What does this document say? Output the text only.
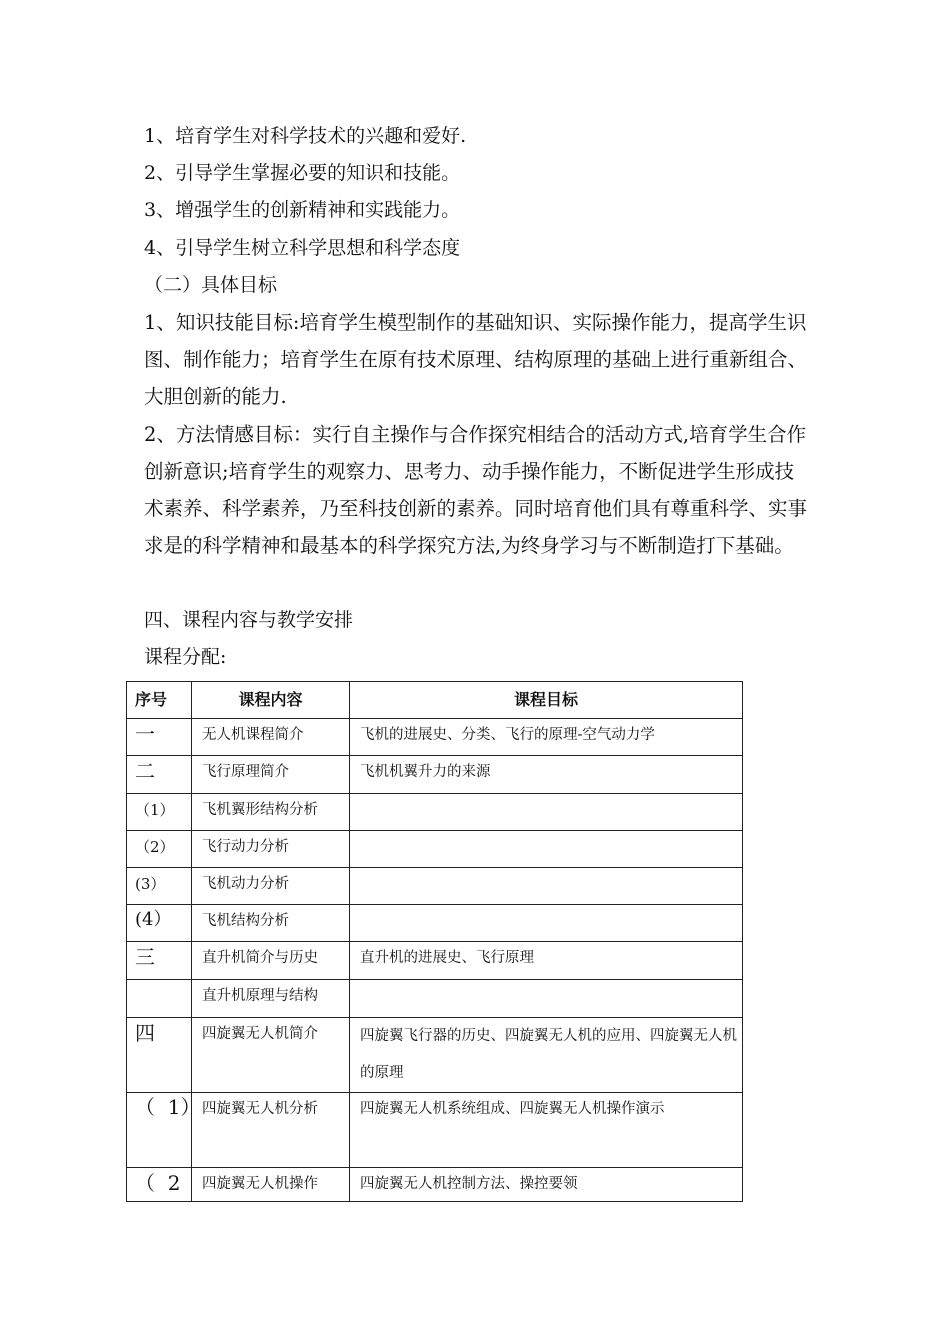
1、培育学生对科学技术的兴趣和爱好.
2、引导学生掌握必要的知识和技能。
3、增强学生的创新精神和实践能力。
4、引导学生树立科学思想和科学态度
（二）具体目标
1、知识技能目标:培育学生模型制作的基础知识、实际操作能力，提高学生识图、制作能力；培育学生在原有技术原理、结构原理的基础上进行重新组合、大胆创新的能力.
2、方法情感目标：实行自主操作与合作探究相结合的活动方式,培育学生合作创新意识;培育学生的观察力、思考力、动手操作能力，不断促进学生形成技术素养、科学素养，乃至科技创新的素养。同时培育他们具有尊重科学、实事求是的科学精神和最基本的科学探究方法,为终身学习与不断制造打下基础。
四、课程内容与教学安排
课程分配:
序号	课程内容	课程目标
一	无人机课程简介	飞机的进展史、分类、飞行的原理-空气动力学
二	飞行原理简介	飞机机翼升力的来源
（1）	飞机翼形结构分析	
（2）	飞行动力分析	
(3）	飞机动力分析	
(4）	飞机结构分析	
三	直升机简介与历史	直升机的进展史、飞行原理
	直升机原理与结构	
四	四旋翼无人机简介	四旋翼飞行器的历史、四旋翼无人机的应用、四旋翼无人机的原理
（  1）	四旋翼无人机分析	四旋翼无人机系统组成、四旋翼无人机操作演示
（  2	四旋翼无人机操作	四旋翼无人机控制方法、操控要领
